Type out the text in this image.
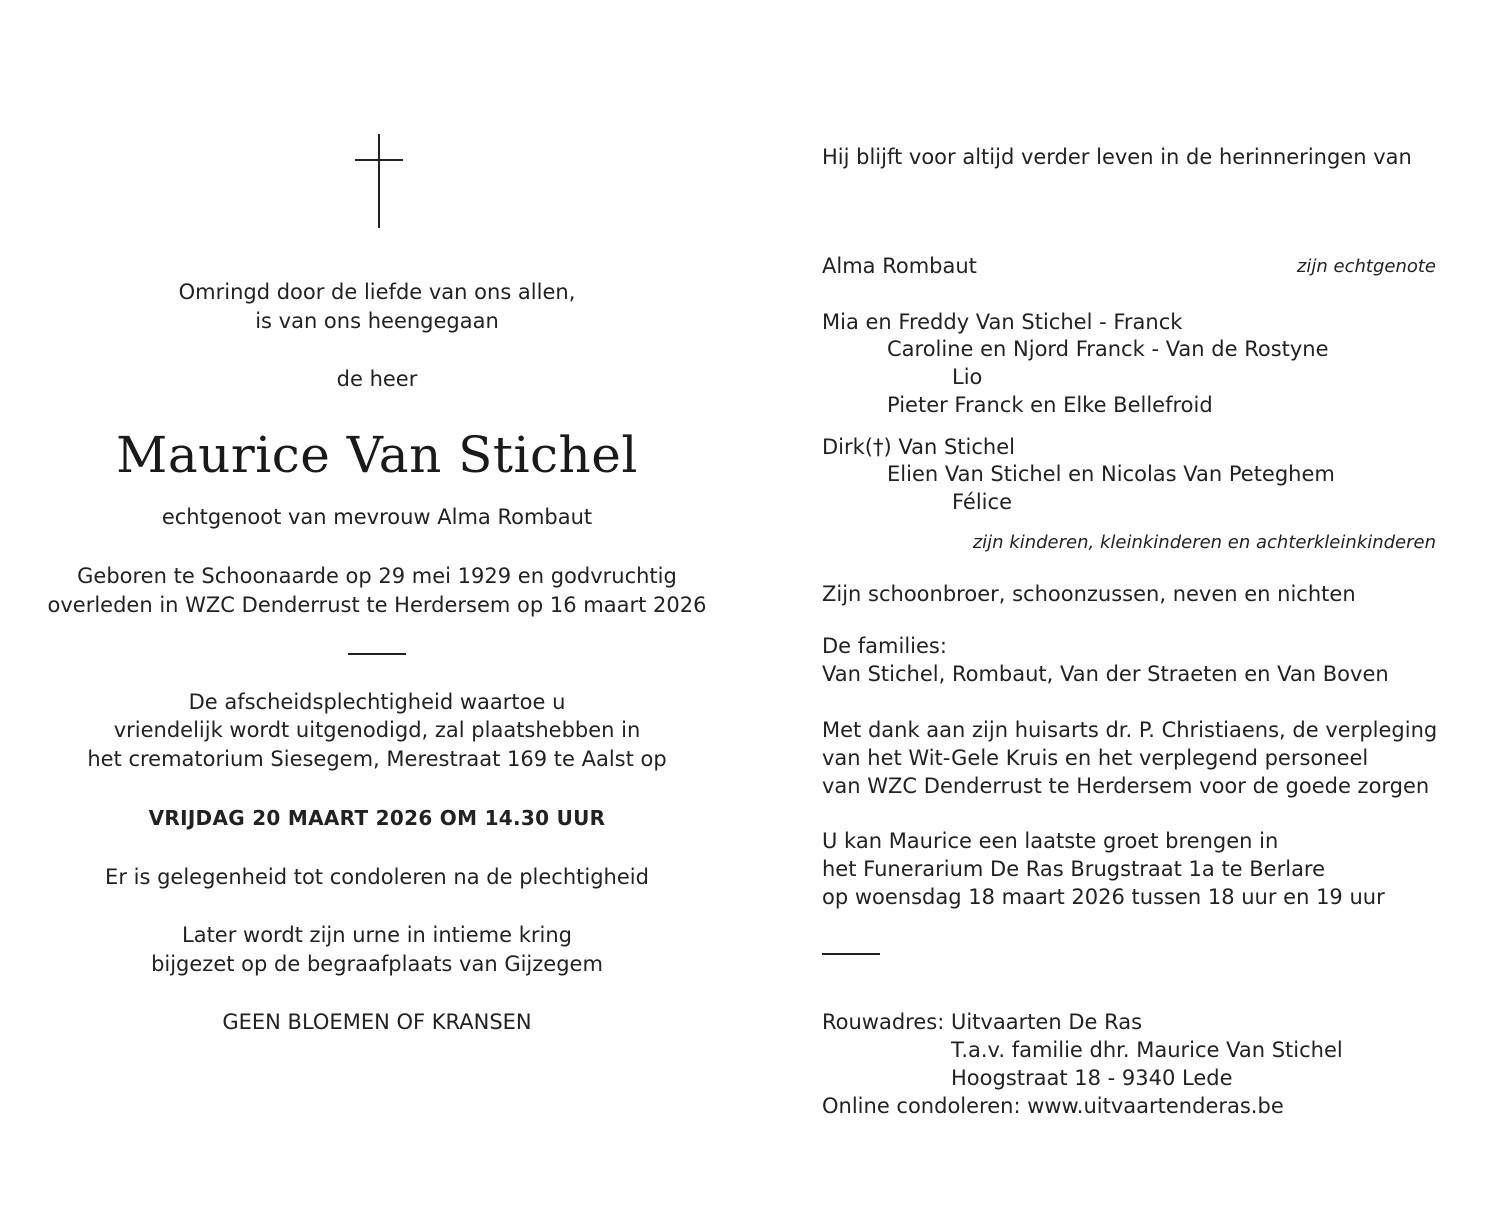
Omringd door de liefde van ons allen,
is van ons heengegaan
de heer
Maurice Van Stichel
echtgenoot van mevrouw Alma Rombaut
Geboren te Schoonaarde op 29 mei 1929 en godvruchtig
overleden in WZC Denderrust te Herdersem op 16 maart 2026
De afscheidsplechtigheid waartoe u
vriendelijk wordt uitgenodigd, zal plaatshebben in
het crematorium Siesegem, Merestraat 169 te Aalst op
VRIJDAG 20 MAART 2026 OM 14.30 UUR
Er is gelegenheid tot condoleren na de plechtigheid
Later wordt zijn urne in intieme kring
bijgezet op de begraafplaats van Gijzegem
GEEN BLOEMEN OF KRANSEN
Hij blijft voor altijd verder leven in de herinneringen van
Alma Rombaut	zijn echtgenote
Mia en Freddy Van Stichel - Franck
Caroline en Njord Franck - Van de Rostyne
Lio
Pieter Franck en Elke Bellefroid
Dirk(†) Van Stichel
Elien Van Stichel en Nicolas Van Peteghem
Félice
zijn kinderen, kleinkinderen en achterkleinkinderen
Zijn schoonbroer, schoonzussen, neven en nichten
De families:
Van Stichel, Rombaut, Van der Straeten en Van Boven
Met dank aan zijn huisarts dr. P. Christiaens, de verpleging
van het Wit-Gele Kruis en het verplegend personeel
van WZC Denderrust te Herdersem voor de goede zorgen
U kan Maurice een laatste groet brengen in
het Funerarium De Ras Brugstraat 1a te Berlare
op woensdag 18 maart 2026 tussen 18 uur en 19 uur
Rouwadres: Uitvaarten De Ras
T.a.v. familie dhr. Maurice Van Stichel
Hoogstraat 18 - 9340 Lede
Online condoleren: www.uitvaartenderas.be
